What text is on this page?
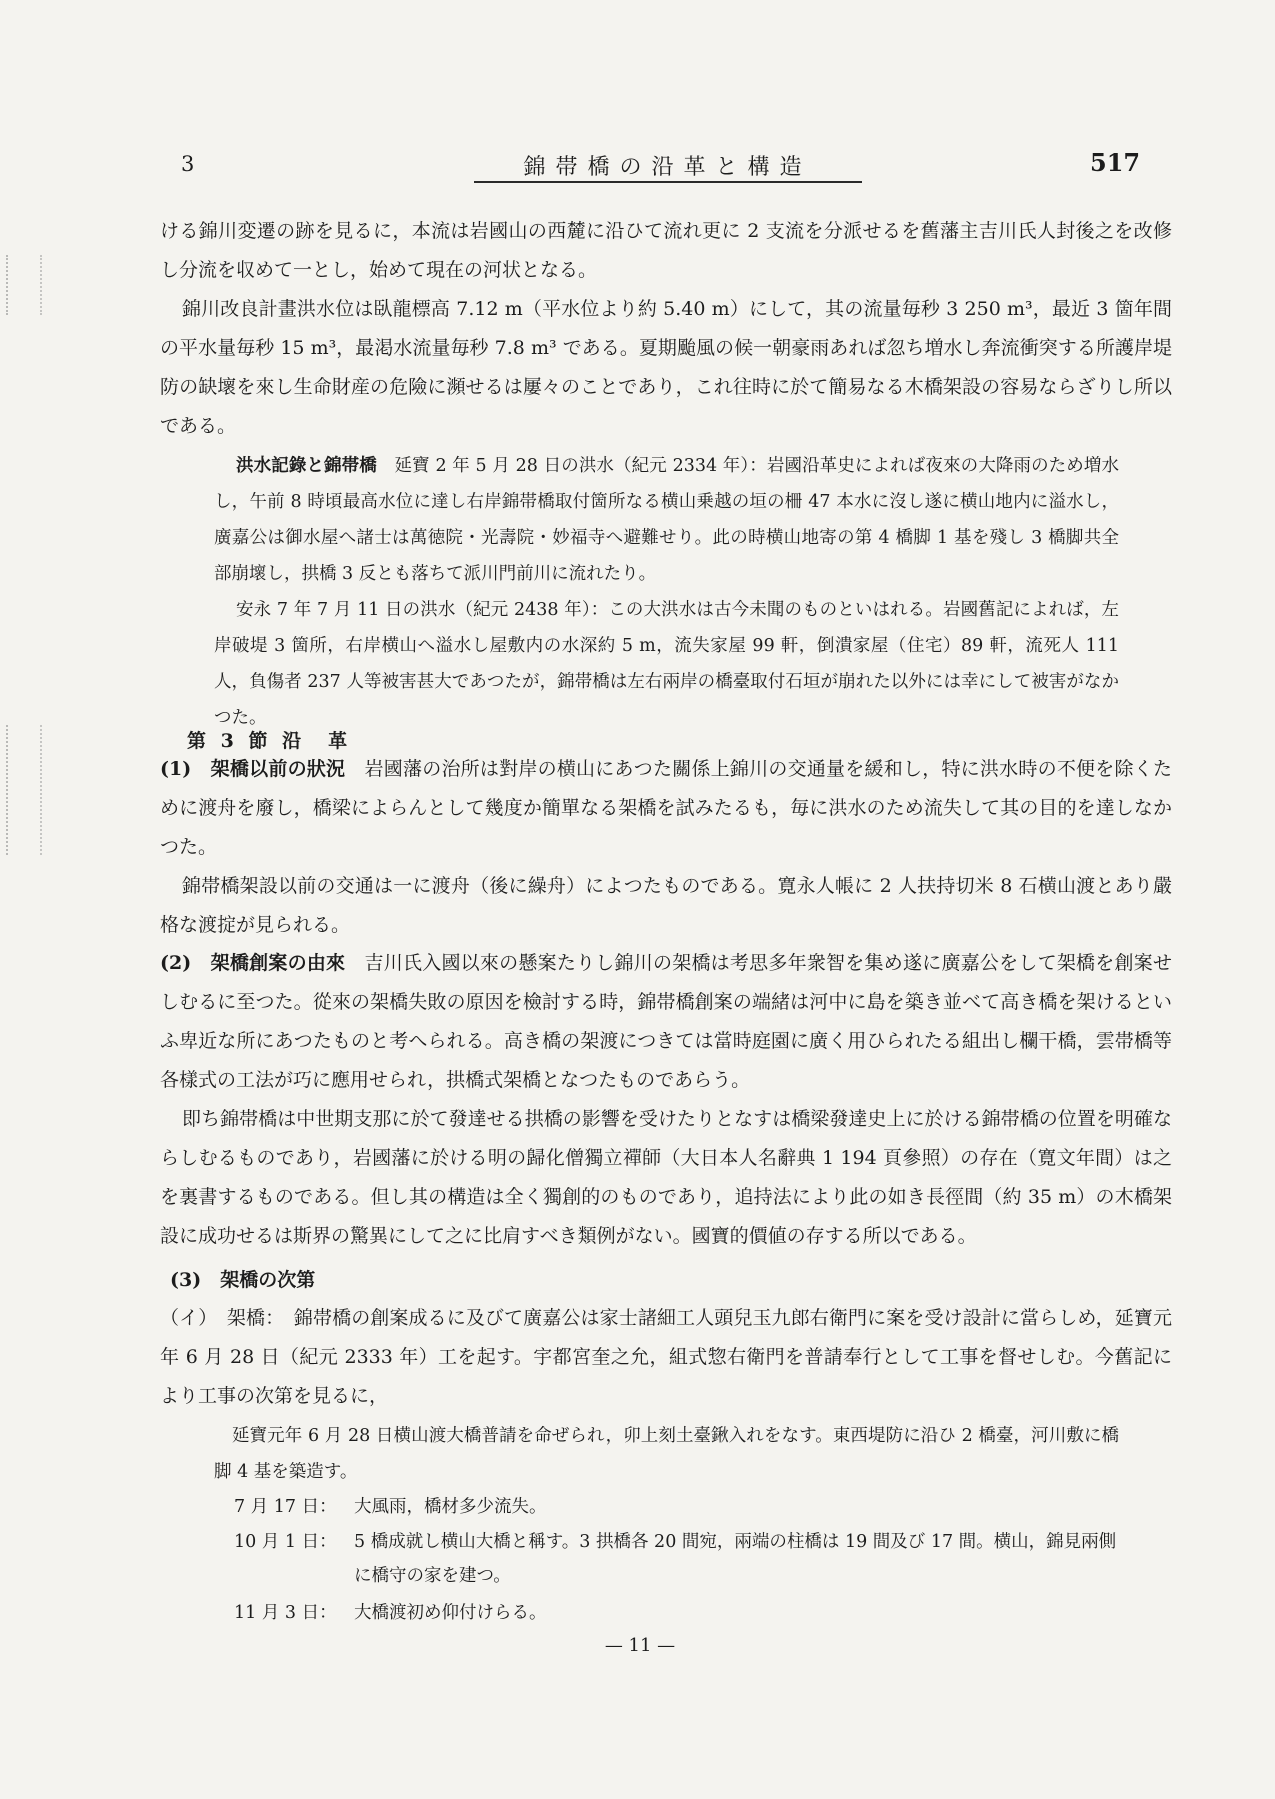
3	錦帯橋の沿革と構造	517
ける錦川変遷の跡を見るに，本流は岩國山の西麓に沿ひて流れ更に 2 支流を分派せるを舊藩主吉川氏人封後之を改修し分流を収めて一とし，始めて現在の河状となる。
錦川改良計畫洪水位は臥龍標高 7.12 m（平水位より約 5.40 m）にして，其の流量毎秒 3 250 m³，最近 3 箇年間の平水量毎秒 15 m³，最渇水流量毎秒 7.8 m³ である。夏期颱風の候一朝豪雨あれば忽ち増水し奔流衝突する所護岸堤防の缺壞を來し生命財産の危險に瀕せるは屢々のことであり，これ往時に於て簡易なる木橋架設の容易ならざりし所以である。
洪水記錄と錦帯橋　 延寶 2 年 5 月 28 日の洪水（紀元 2334 年）：岩國沿革史によれば夜來の大降雨のため増水し，午前 8 時頃最高水位に達し右岸錦帯橋取付箇所なる横山乗越の垣の柵 47 本水に沒し遂に横山地内に溢水し，廣嘉公は御水屋へ諸士は萬徳院・光壽院・妙福寺へ避難せり。此の時横山地寄の第 4 橋脚 1 基を殘し 3 橋脚共全部崩壞し，拱橋 3 反とも落ちて派川門前川に流れたり。
安永 7 年 7 月 11 日の洪水（紀元 2438 年）：この大洪水は古今未聞のものといはれる。岩國舊記によれば，左岸破堤 3 箇所，右岸横山へ溢水し屋敷内の水深約 5 m，流失家屋 99 軒，倒潰家屋（住宅）89 軒，流死人 111 人，負傷者 237 人等被害甚大であつたが，錦帯橋は左右兩岸の橋臺取付石垣が崩れた以外には幸にして被害がなかつた。
第 3 節 沿　革
(1)　架橋以前の狀況　 岩國藩の治所は對岸の横山にあつた關係上錦川の交通量を緩和し，特に洪水時の不便を除くために渡舟を廢し，橋梁によらんとして幾度か簡單なる架橋を試みたるも，毎に洪水のため流失して其の目的を達しなかつた。
錦帯橋架設以前の交通は一に渡舟（後に繰舟）によつたものである。寛永人帳に 2 人扶持切米 8 石横山渡とあり嚴格な渡掟が見られる。
(2)　架橋創案の由來　 吉川氏入國以來の懸案たりし錦川の架橋は考思多年衆智を集め遂に廣嘉公をして架橋を創案せしむるに至つた。從來の架橋失敗の原因を檢討する時，錦帯橋創案の端緒は河中に島を築き並べて高き橋を架けるといふ卑近な所にあつたものと考へられる。高き橋の架渡につきては當時庭園に廣く用ひられたる組出し欄干橋，雲帯橋等各樣式の工法が巧に應用せられ，拱橋式架橋となつたものであらう。
即ち錦帯橋は中世期支那に於て發達せる拱橋の影響を受けたりとなすは橋梁發達史上に於ける錦帯橋の位置を明確ならしむるものであり，岩國藩に於ける明の歸化僧獨立禪師（大日本人名辭典 1 194 頁參照）の存在（寛文年間）は之を裏書するものである。但し其の構造は全く獨創的のものであり，追持法により此の如き長徑間（約 35 m）の木橋架設に成功せるは斯界の驚異にして之に比肩すべき類例がない。國寶的價値の存する所以である。
(3)　架橋の次第
（イ）　架橋：　錦帯橋の創案成るに及びて廣嘉公は家士諸細工人頭兒玉九郎右衛門に案を受け設計に當らしめ，延寶元年 6 月 28 日（紀元 2333 年）工を起す。宇都宮奎之允，組式惣右衛門を普請奉行として工事を督せしむ。今舊記により工事の次第を見るに，
延寶元年 6 月 28 日横山渡大橋普請を命ぜられ，卯上刻土臺鍬入れをなす。東西堤防に沿ひ 2 橋臺，河川敷に橋脚 4 基を築造す。
7 月 17 日： 大風雨，橋材多少流失。
10 月 1 日： 5 橋成就し横山大橋と稱す。3 拱橋各 20 間宛，兩端の柱橋は 19 間及び 17 間。横山，錦見兩側に橋守の家を建つ。
11 月 3 日： 大橋渡初め仰付けらる。
— 11 —
